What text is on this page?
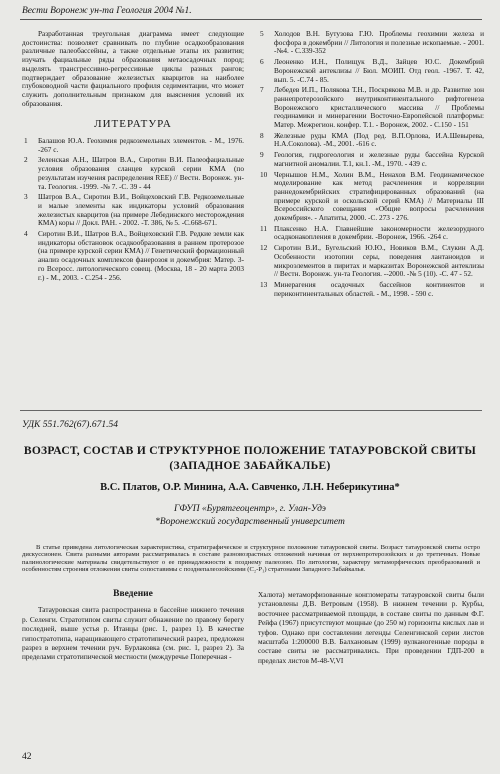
Вести Воронеж ун-та Геология 2004 №1.

Разработанная треугольная диаграмма имеет следующие достоинства: позволяет сравнивать по глубине осадкообразования различные палеобассейны, а также отдельные этапы их развития; изучать фациальные ряды образования метаосадочных пород; выделять трансгрессивно-регрессивные циклы разных рангов; подтверждает образование железистых кварцитов на наиболее глубоководной части фациального профиля седиментации, что может служить дополнительным признаком для выяснения условий их образования.

ЛИТЕРАТУРА
1 Балашов Ю.А. Геохимия редкоземельных элементов. - М., 1976. -267 с.
2 Зеленская А.Н., Шатров В.А., Сиротин В.И. Палеофациальные условия образования сланцев курской серии КМА (по результатам изучения распределения REE) // Вестн. Воронеж. ун-та. Геология. -1999. -№ 7. -С. 39 - 44
3 Шатров В.А., Сиротин В.И., Войцеховский Г.В. Редкоземельные и малые элементы как индикаторы условий образования железистых кварцитов (на примере Лебединского месторождения КМА) коры // Докл. РАН. - 2002. -Т. 386, № 5. -С.668-671.
4 Сиротин В.И., Шатров В.А., Войцеховский Г.В. Редкие земли как индикаторы обстановок осадкообразования в раннем протерозое (на примере курской серии КМА) // Генетический формационный анализ осадочных комплексов фанерозоя и докембрия: Матер. 3-го Всеросс. литологического совещ. (Москва, 18 - 20 марта 2003 г.) - М., 2003. - С.254 - 256.
5 Холодов В.Н. Бутузова Г.Ю. Проблемы геохимии железа и фосфора в докембрии // Литология и полезные ископаемые. - 2001. -№4. - С.339-352
6 Леоненко И.Н., Полищук В.Д., Зайцев Ю.С. Докембрий Воронежской антеклизы // Бюл. МОИП. Отд геол. -1967. Т. 42, вып. 5. -С.74 - 85.
7 Лебедев И.П., Полякова Т.Н., Поскрякова М.В. и др. Развитие зон раннепротерозойского внутриконтинентального рифтогенеза Воронежского кристаллического массива // Проблемы геодинамики и минерагении Восточно-Европейской платформы: Матер. Межрегион. конфер. Т.1. - Воронеж, 2002. - С.150 - 151
8 Железные руды КМА (Под ред. В.П.Орлова, И.А.Шевырева, Н.А.Соколова). -М., 2001. -616 с.
9 Геология, гидрогеология и железные руды бассейна Курской магнитной аномалии. Т.1, кн.1. -М., 1970. - 439 с.
10 Чернышов Н.М., Холин В.М., Ненахов В.М. Геодинамическое моделирование как метод расчленения и корреляции раннедокембрийских стратифицированных образований (на примере курской и оскольской серий КМА) // Материалы III Всероссийского совещания «Общие вопросы расчленения докембрия». - Апатиты, 2000. -С. 273 - 276.
11 Плаксенко Н.А. Главнейшие закономерности железорудного осадконакопления в докембрии. -Воронеж, 1966. -264 с.
12 Сиротин В.И., Бугельский Ю.Ю., Новиков В.М., Слукин А.Д. Особенности изотопии серы, поведения лантаноидов и микроэлементов в пиритах и марказитах Воронежской антеклизы // Вестн. Воронеж. ун-та Геология. --2000. -№ 5 (10). -С. 47 - 52.
13 Минерагения осадочных бассейнов континентов и периконтинентальных областей. - М., 1998. - 590 с.
УДК 551.762(67).671.54
ВОЗРАСТ, СОСТАВ И СТРУКТУРНОЕ ПОЛОЖЕНИЕ ТАТАУРОВСКОЙ СВИТЫ (ЗАПАДНОЕ ЗАБАЙКАЛЬЕ)
В.С. Платов, О.Р. Минина, А.А. Савченко, Л.Н. Неберикутина*
ГФУП «Бурятгеоцентр», г. Улан-Удэ
*Воронежский государственный университет

В статье приведена литологическая характеристика, стратиграфическое и структурное положение татауровской свиты. Возраст татауровской свиты остро дискуссионен. Свита разными авторами рассматривалась в составе разновозрастных отложений начиная от верхнепротерозойских и до третичных. Новые палинологические материалы свидетельствуют о ее принадлежности к позднему палеозою. По литологии, характеру метаморфических преобразований и особенностям строения отложения свиты сопоставимы с позднепалеозойскими (C₂-P₁) стратонами Западного Забайкалья.

Введение

Татауровская свита распространена в бассейне нижнего течения р. Селенги. Стратотипом свиты служит обнажение по правому берегу последней, выше устья р. Итанцы (рис. 1, разрез 1). В качестве гипостратотипа, наращивающего стратотипический разрез, предложен разрез в верхнем течении руч. Бурлаковка (см. рис. 1, разрез 2). За пределами стратотипической местности (междуречье Поперечная -

Халюта) метаморфизованные конгломераты татауровской свиты были установлены Д.В. Ветровым (1958). В нижнем течении р. Курбы, восточнее рассматриваемой площади, в составе свиты по данным Ф.Г. Рейфа (1967) присутствуют мощные (до 250 м) горизонты кислых лав и туфов. Однако при составлении легенды Селенгинской серии листов масштаба 1:200000 В.В. Балхановым (1999) вулканогенные породы в составе свиты не рассматривались. При проведении ГДП-200 в пределах листов М-48-V,VI

42
